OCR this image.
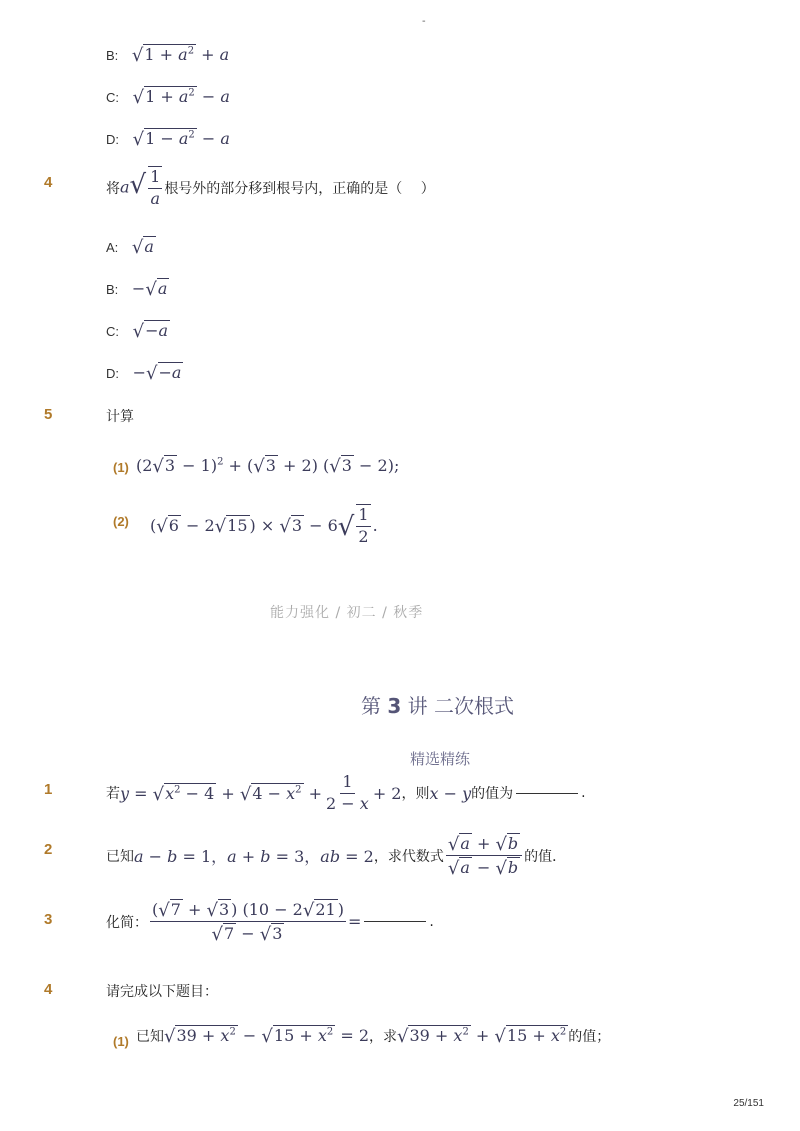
-
B: $√1 + a^2 + a$
C: $√1 + a^2 - a$
D: $√1 - a^2 - a$
4	将 $a√ \frac{1}{a}$ 根号外的部分移到根号内，正确的是（　 ）
A: √a
B: −√a
C: √−a
D: −√−a
5	计算
(1) $(2√3 - 1)^2 + (√3 + 2)$ (√3 − 2);
(2) (√6 − 2√15 ) × √3 − 6 √ $\frac{1}{2}$ .
能力强化 / 初二 / 秋季
第 3 讲 二次根式
精选精练
1	若 $y = √x^2 - 4 + √4 - x^2 + \frac{1}{2 - x} + 2$ ，则 x − y 的值为	.
2	已知 a − b = 1，a + b = 3，ab = 2 ，求代数式 $\frac{√a + √b}{√a - √b}$ 的值．
3	化简： $\frac{(√7 + √3 ) (10 - 2√21 )}{√7 - √3}$ =	.
4	请完成以下题目：
(1) 已知 $√39 + x^2 - √15 + x^2 = 2$ ，求 $√39 + x^2 + √15 + x^2$ 的值；
25/151
